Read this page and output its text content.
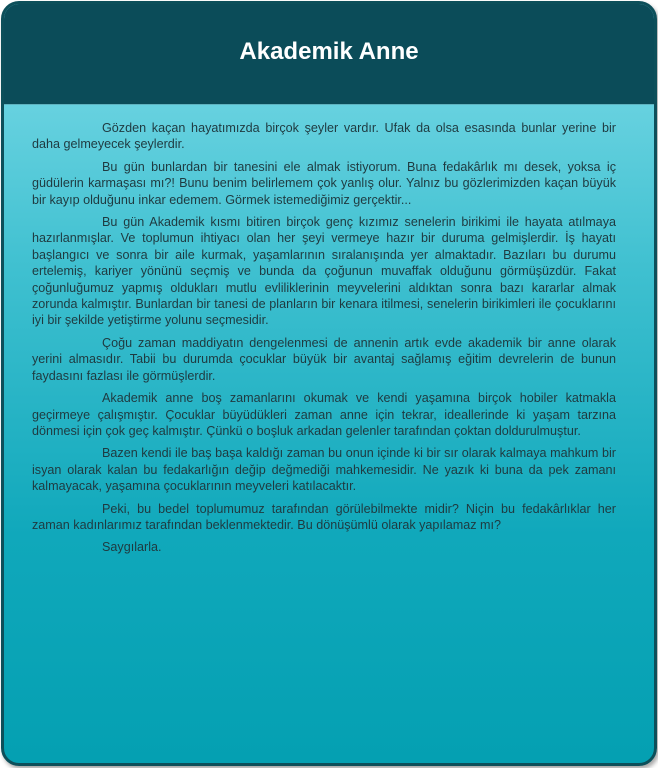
Akademik Anne

Gözden kaçan hayatımızda birçok şeyler vardır. Ufak da olsa esasında bunlar yerine bir daha gelmeyecek şeylerdir.

Bu gün bunlardan bir tanesini ele almak istiyorum. Buna fedakârlık mı desek, yoksa iç güdülerin karmaşası mı?! Bunu benim belirlemem çok yanlış olur. Yalnız bu gözlerimizden kaçan büyük bir kayıp olduğunu inkar edemem. Görmek istemediğimiz gerçektir...

Bu gün Akademik kısmı bitiren birçok genç kızımız senelerin birikimi ile hayata atılmaya hazırlanmışlar. Ve toplumun ihtiyacı olan her şeyi vermeye hazır bir duruma gelmişlerdir. İş hayatı başlangıcı ve sonra bir aile kurmak, yaşamlarının sıralanışında yer almaktadır. Bazıları bu durumu ertelemiş, kariyer yönünü seçmiş ve bunda da çoğunun muvaffak olduğunu görmüşüzdür. Fakat çoğunluğumuz yapmış oldukları mutlu evliliklerinin meyvelerini aldıktan sonra bazı kararlar almak zorunda kalmıştır. Bunlardan bir tanesi de planların bir kenara itilmesi, senelerin birikimleri ile çocuklarını iyi bir şekilde yetiştirme yolunu seçmesidir.

Çoğu zaman maddiyatın dengelenmesi de annenin artık evde akademik bir anne olarak yerini almasıdır. Tabii bu durumda çocuklar büyük bir avantaj sağlamış eğitim devrelerin de bunun faydasını fazlası ile görmüşlerdir.

Akademik anne boş zamanlarını okumak ve kendi yaşamına birçok hobiler katmakla geçirmeye çalışmıştır. Çocuklar büyüdükleri zaman anne için tekrar, ideallerinde ki yaşam tarzına dönmesi için çok geç kalmıştır. Çünkü o boşluk arkadan gelenler tarafından çoktan doldurulmuştur.

Bazen kendi ile baş başa kaldığı zaman bu onun içinde ki bir sır olarak kalmaya mahkum bir isyan olarak kalan bu fedakarlığın değip değmediği mahkemesidir. Ne yazık ki buna da pek zamanı kalmayacak, yaşamına çocuklarının meyveleri katılacaktır.

Peki, bu bedel toplumumuz tarafından görülebilmekte midir? Niçin bu fedakârlıklar her zaman kadınlarımız tarafından beklenmektedir. Bu dönüşümlü olarak yapılamaz mı?

Saygılarla.
